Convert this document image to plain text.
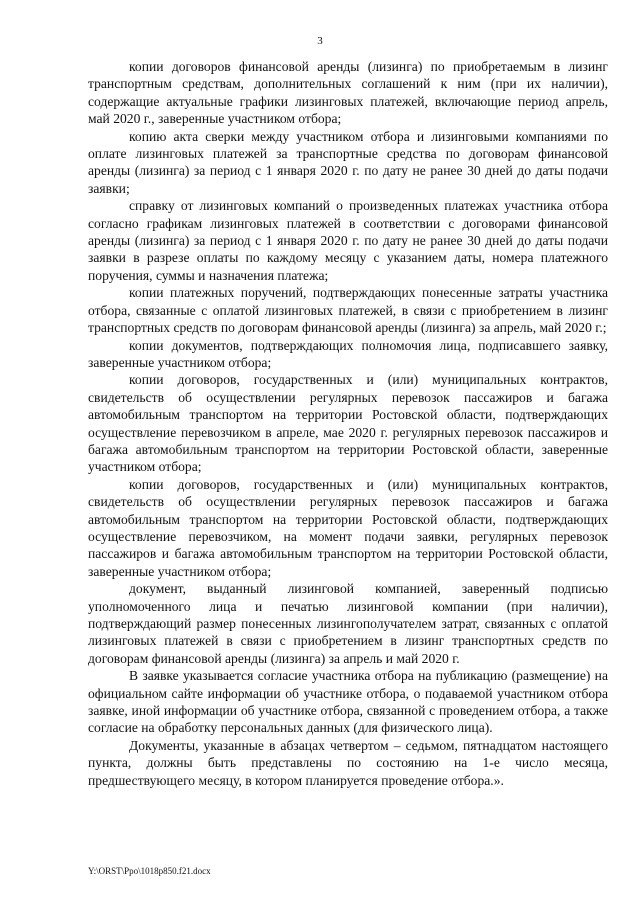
3

копии договоров финансовой аренды (лизинга) по приобретаемым в лизинг транспортным средствам, дополнительных соглашений к ним (при их наличии), содержащие актуальные графики лизинговых платежей, включающие период апрель, май 2020 г., заверенные участником отбора;

копию акта сверки между участником отбора и лизинговыми компаниями по оплате лизинговых платежей за транспортные средства по договорам финансовой аренды (лизинга) за период с 1 января 2020 г. по дату не ранее 30 дней до даты подачи заявки;

справку от лизинговых компаний о произведенных платежах участника отбора согласно графикам лизинговых платежей в соответствии с договорами финансовой аренды (лизинга) за период с 1 января 2020 г. по дату не ранее 30 дней до даты подачи заявки в разрезе оплаты по каждому месяцу с указанием даты, номера платежного поручения, суммы и назначения платежа;

копии платежных поручений, подтверждающих понесенные затраты участника отбора, связанные с оплатой лизинговых платежей, в связи с приобретением в лизинг транспортных средств по договорам финансовой аренды (лизинга) за апрель, май 2020 г.;

копии документов, подтверждающих полномочия лица, подписавшего заявку, заверенные участником отбора;

копии договоров, государственных и (или) муниципальных контрактов, свидетельств об осуществлении регулярных перевозок пассажиров и багажа автомобильным транспортом на территории Ростовской области, подтверждающих осуществление перевозчиком в апреле, мае 2020 г. регулярных перевозок пассажиров и багажа автомобильным транспортом на территории Ростовской области, заверенные участником отбора;

копии договоров, государственных и (или) муниципальных контрактов, свидетельств об осуществлении регулярных перевозок пассажиров и багажа автомобильным транспортом на территории Ростовской области, подтверждающих осуществление перевозчиком, на момент подачи заявки, регулярных перевозок пассажиров и багажа автомобильным транспортом на территории Ростовской области, заверенные участником отбора;

документ, выданный лизинговой компанией, заверенный подписью уполномоченного лица и печатью лизинговой компании (при наличии), подтверждающий размер понесенных лизингополучателем затрат, связанных с оплатой лизинговых платежей в связи с приобретением в лизинг транспортных средств по договорам финансовой аренды (лизинга) за апрель и май 2020 г.

В заявке указывается согласие участника отбора на публикацию (размещение) на официальном сайте информации об участнике отбора, о подаваемой участником отбора заявке, иной информации об участнике отбора, связанной с проведением отбора, а также согласие на обработку персональных данных (для физического лица).

Документы, указанные в абзацах четвертом – седьмом, пятнадцатом настоящего пункта, должны быть представлены по состоянию на 1-е число месяца, предшествующего месяцу, в котором планируется проведение отбора.».

Y:\ORST\Ppo\1018p850.f21.docx
